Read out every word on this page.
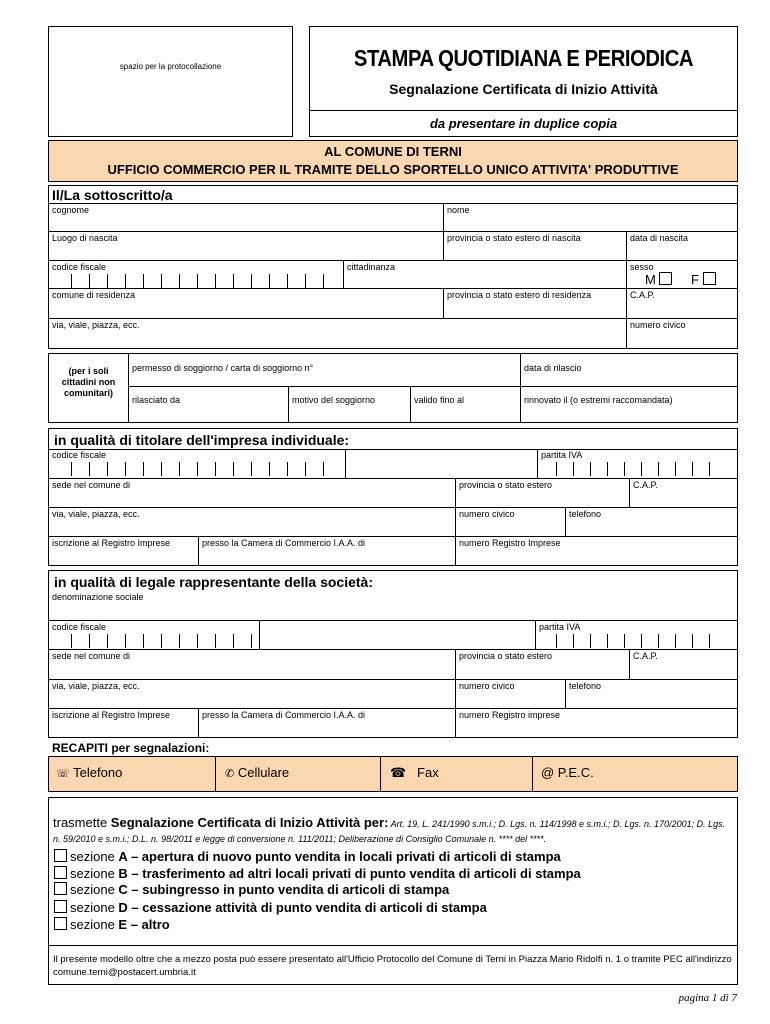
spazio per la protocollazione	STAMPA QUOTIDIANA E PERIODICA
Segnalazione Certificata di Inizio Attività
da presentare in duplice copia
AL COMUNE DI TERNI
UFFICIO COMMERCIO PER IL TRAMITE DELLO SPORTELLO UNICO ATTIVITA' PRODUTTIVE
Il/La sottoscritto/a
cognome	nome
Luogo di nascita	provincia o stato estero di nascita	data di nascita
codice fiscale	cittadinanza	sesso
M	F
comune di residenza	provincia o stato estero di residenza	C.A.P.
via, viale, piazza, ecc.	numero civico
(per i soli cittadini non comunitari)
permesso di soggiorno / carta di soggiorno n°	data di rilascio
rilasciato da	motivo del soggiorno	valido fino al	rinnovato il (o estremi raccomandata)
in qualità di titolare dell'impresa individuale:
codice fiscale	partita IVA
sede nel comune di	provincia o stato estero	C.A.P.
via, viale, piazza, ecc.	numero civico	telefono
iscrizione al Registro Imprese	presso la Camera di Commercio I.A.A. di	numero Registro Imprese
in qualità di legale rappresentante della società:
denominazione sociale
codice fiscale	partita IVA
sede nel comune di	provincia o stato estero	C.A.P.
via, viale, piazza, ecc.	numero civico	telefono
iscrizione al Registro Imprese	presso la Camera di Commercio I.A.A. di	numero Registro imprese
RECAPITI per segnalazioni:
☏ Telefono	✆ Cellulare	☎ Fax	@ P.E.C.
trasmette Segnalazione Certificata di Inizio Attività per: Art. 19, L. 241/1990 s.m.i.; D. Lgs. n. 114/1998 e s.m.i.; D. Lgs. n. 170/2001; D. Lgs. n. 59/2010 e s.m.i.; D.L. n. 98/2011 e legge di conversione n. 111/2011; Deliberazione di Consiglio Comunale n. **** del ****.
sezione A – apertura di nuovo punto vendita in locali privati di articoli di stampa
sezione B – trasferimento ad altri locali privati di punto vendita di articoli di stampa
sezione C – subingresso in punto vendita di articoli di stampa
sezione D – cessazione attività di punto vendita di articoli di stampa
sezione E – altro
Il presente modello oltre che a mezzo posta può essere presentato all'Ufficio Protocollo del Comune di Terni in Piazza Mario Ridolfi n. 1 o tramite PEC all'indirizzo comune.terni@postacert.umbria.it
pagina 1 di 7
